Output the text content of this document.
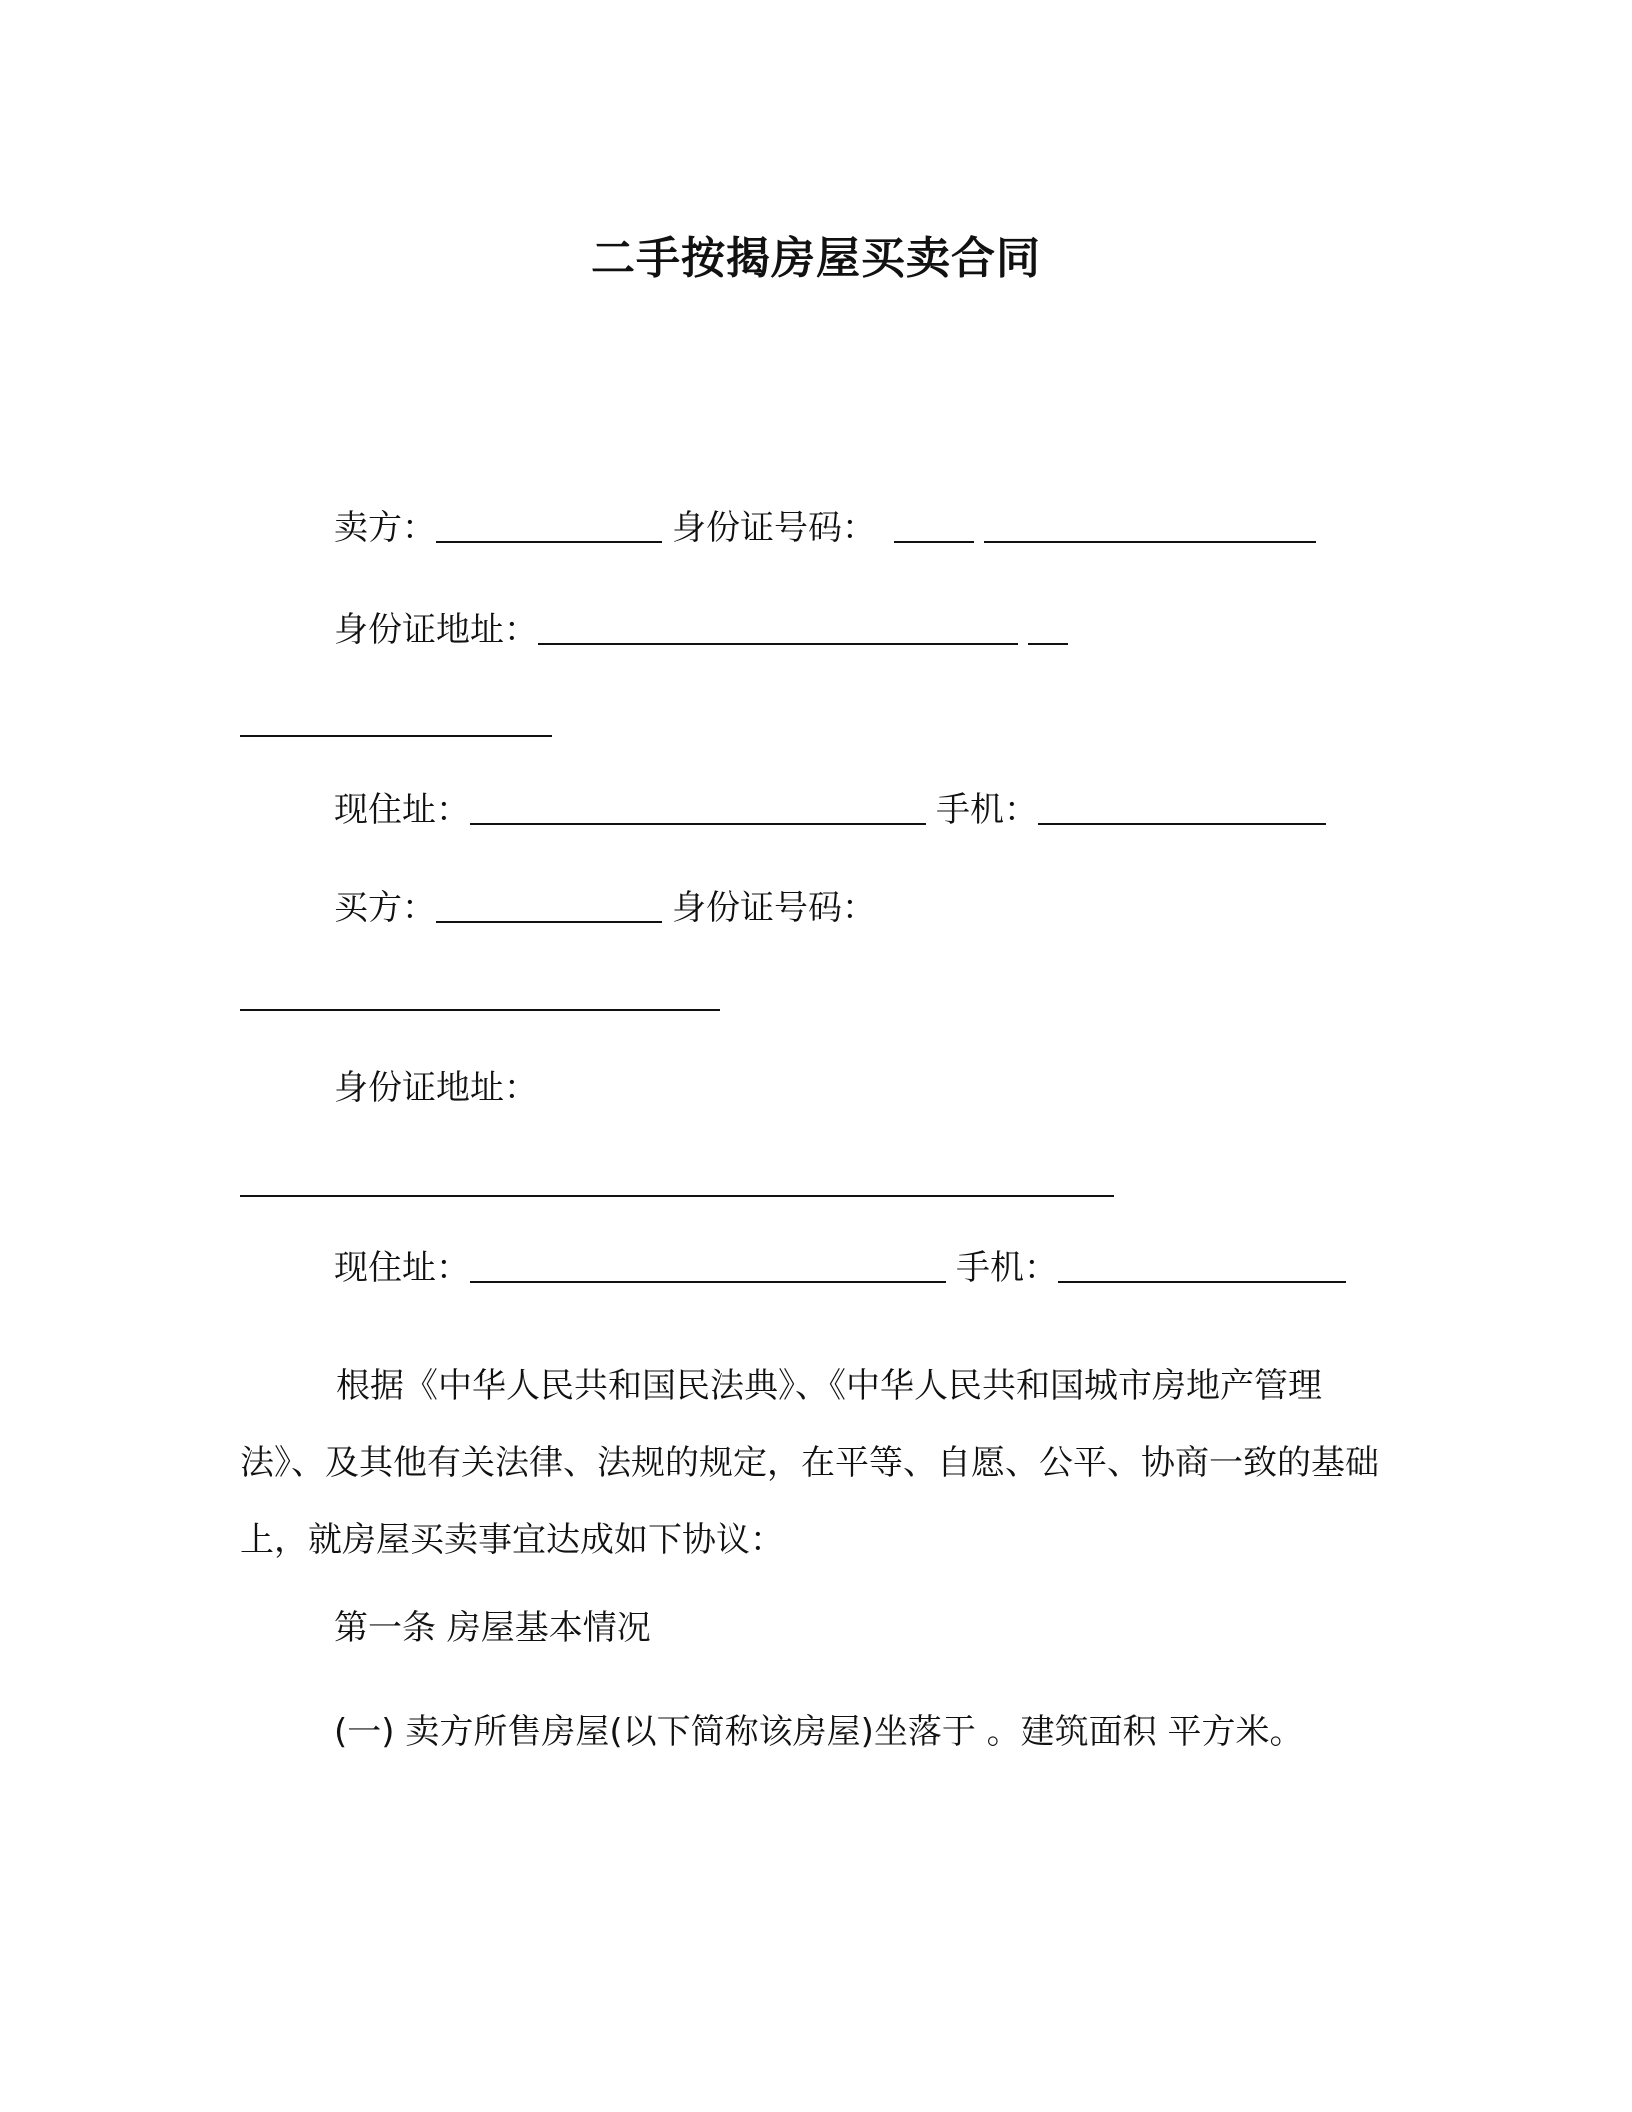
二手按揭房屋买卖合同
卖方：	身份证号码：
身份证地址：
现住址：	手机：
买方：	身份证号码：
身份证地址：
现住址：	手机：
根据《中华人民共和国民法典》、《中华人民共和国城市房地产管理法》、及其他有关法律、法规的规定，在平等、自愿、公平、协商一致的基础上，就房屋买卖事宜达成如下协议：
第一条 房屋基本情况
(一) 卖方所售房屋(以下简称该房屋)坐落于 。建筑面积 平方米。
